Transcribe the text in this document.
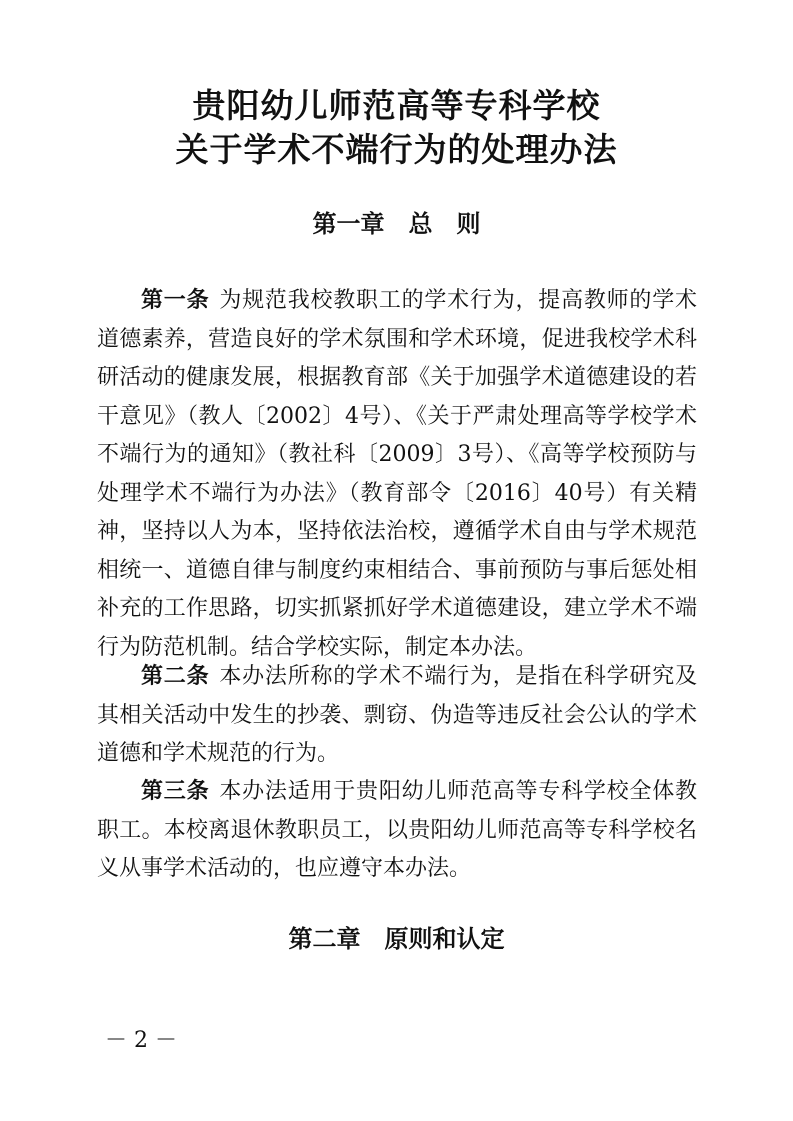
贵阳幼儿师范高等专科学校
关于学术不端行为的处理办法
第一章　总　则

第一条 为规范我校教职工的学术行为，提高教师的学术道德素养，营造良好的学术氛围和学术环境，促进我校学术科研活动的健康发展，根据教育部《关于加强学术道德建设的若干意见》（教人〔2002〕4号）、《关于严肃处理高等学校学术不端行为的通知》（教社科〔2009〕3号）、《高等学校预防与处理学术不端行为办法》（教育部令〔2016〕40号）有关精神，坚持以人为本，坚持依法治校，遵循学术自由与学术规范相统一、道德自律与制度约束相结合、事前预防与事后惩处相补充的工作思路，切实抓紧抓好学术道德建设，建立学术不端行为防范机制。结合学校实际，制定本办法。

第二条 本办法所称的学术不端行为，是指在科学研究及其相关活动中发生的抄袭、剽窃、伪造等违反社会公认的学术道德和学术规范的行为。

第三条 本办法适用于贵阳幼儿师范高等专科学校全体教职工。本校离退休教职员工，以贵阳幼儿师范高等专科学校名义从事学术活动的，也应遵守本办法。

第二章　原则和认定
－ 2 －
